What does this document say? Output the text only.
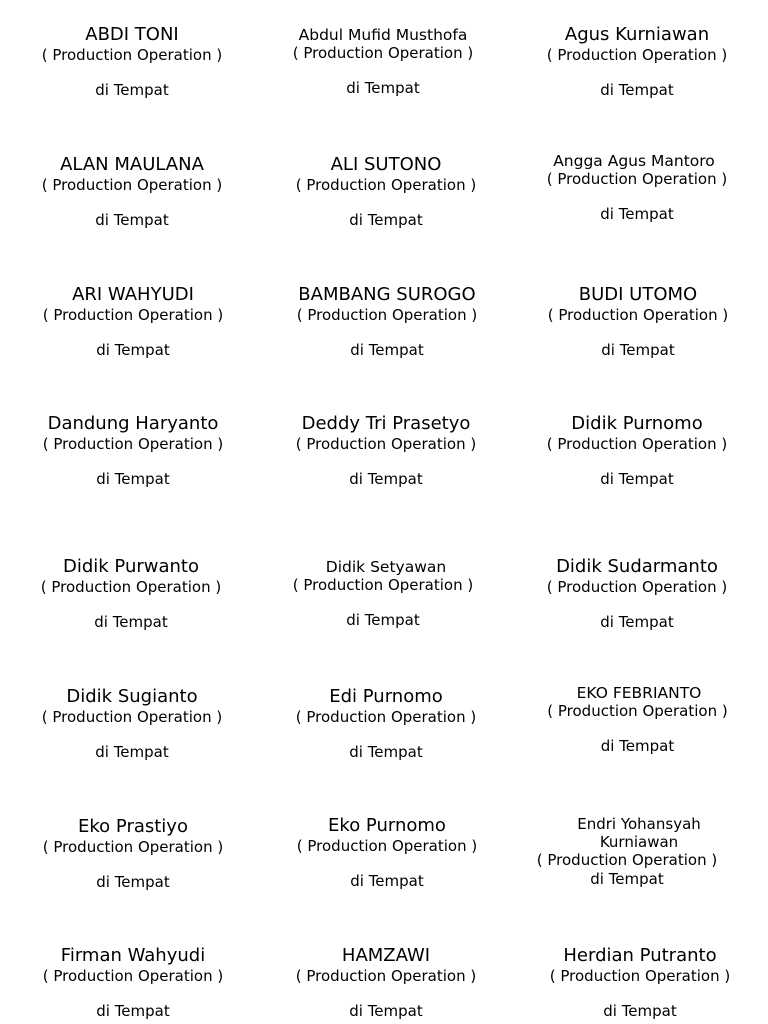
ABDI TONI
( Production Operation )
di Tempat
Abdul Mufid Musthofa
( Production Operation )
di Tempat
Agus Kurniawan
( Production Operation )
di Tempat
ALAN MAULANA
( Production Operation )
di Tempat
ALI SUTONO
( Production Operation )
di Tempat
Angga Agus Mantoro
( Production Operation )
di Tempat
ARI WAHYUDI
( Production Operation )
di Tempat
BAMBANG SUROGO
( Production Operation )
di Tempat
BUDI UTOMO
( Production Operation )
di Tempat
Dandung Haryanto
( Production Operation )
di Tempat
Deddy Tri Prasetyo
( Production Operation )
di Tempat
Didik Purnomo
( Production Operation )
di Tempat
Didik Purwanto
( Production Operation )
di Tempat
Didik Setyawan
( Production Operation )
di Tempat
Didik Sudarmanto
( Production Operation )
di Tempat
Didik Sugianto
( Production Operation )
di Tempat
Edi Purnomo
( Production Operation )
di Tempat
EKO FEBRIANTO
( Production Operation )
di Tempat
Eko Prastiyo
( Production Operation )
di Tempat
Eko Purnomo
( Production Operation )
di Tempat
Endri Yohansyah Kurniawan
( Production Operation )
di Tempat
Firman Wahyudi
( Production Operation )
di Tempat
HAMZAWI
( Production Operation )
di Tempat
Herdian Putranto
( Production Operation )
di Tempat
